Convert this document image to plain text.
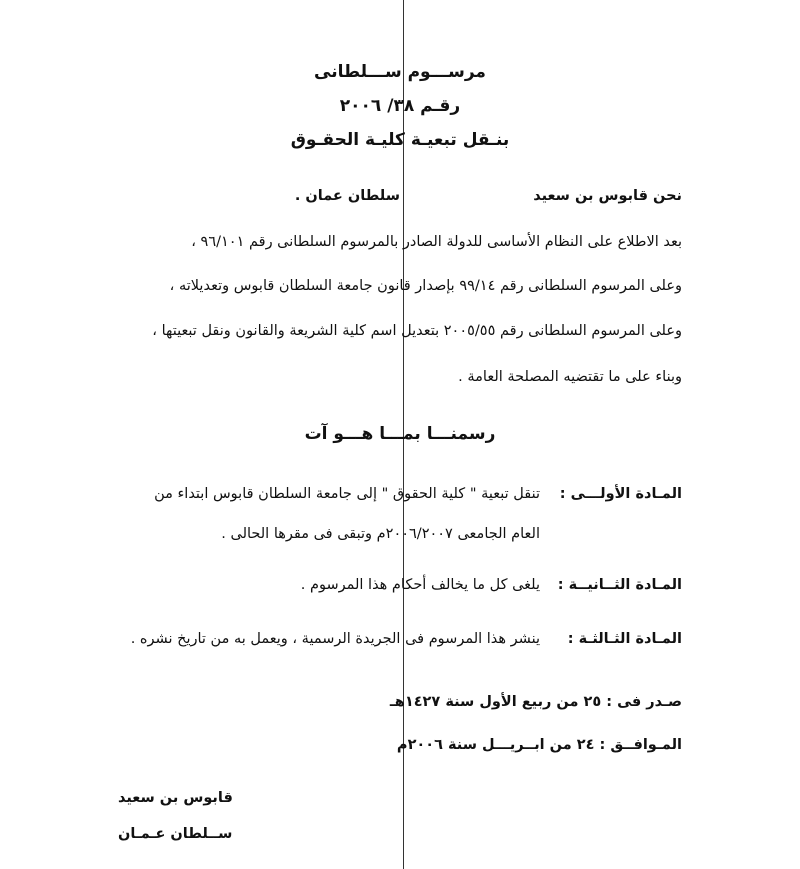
مرســـوم ســـلطانى
رقـم ٣٨/ ٢٠٠٦
بنـقل تبعيـة كليـة الحقـوق
نحن قابوس بن سعيد
سلطان عمان .
بعد الاطلاع على النظام الأساسى للدولة الصادر بالمرسوم السلطانى رقم ٩٦/١٠١ ،
وعلى المرسوم السلطانى رقم ٩٩/١٤ بإصدار قانون جامعة السلطان قابوس وتعديلاته ،
وعلى المرسوم السلطانى رقم ٢٠٠٥/٥٥ بتعديل اسم كلية الشريعة والقانون ونقل تبعيتها ،
وبناء على ما تقتضيه المصلحة العامة .
رسمنـــا بمـــا هـــو آت
المـادة الأولـــى :
تنقل تبعية " كلية الحقوق " إلى جامعة السلطان قابوس ابتداء من
العام الجامعى ٢٠٠٦/٢٠٠٧م وتبقى فى مقرها الحالى .
المـادة الثــانيــة :
يلغى كل ما يخالف أحكام هذا المرسوم .
المـادة الثـالثـة :
ينشر هذا المرسوم فى الجريدة الرسمية ، ويعمل به من تاريخ نشره .
صـدر فى : ٢٥ من ربيع الأول سنة ١٤٢٧هـ
المـوافــق : ٢٤ من ابــريـــل سنة ٢٠٠٦م
قابوس بن سعيد
ســلطان عـمـان
